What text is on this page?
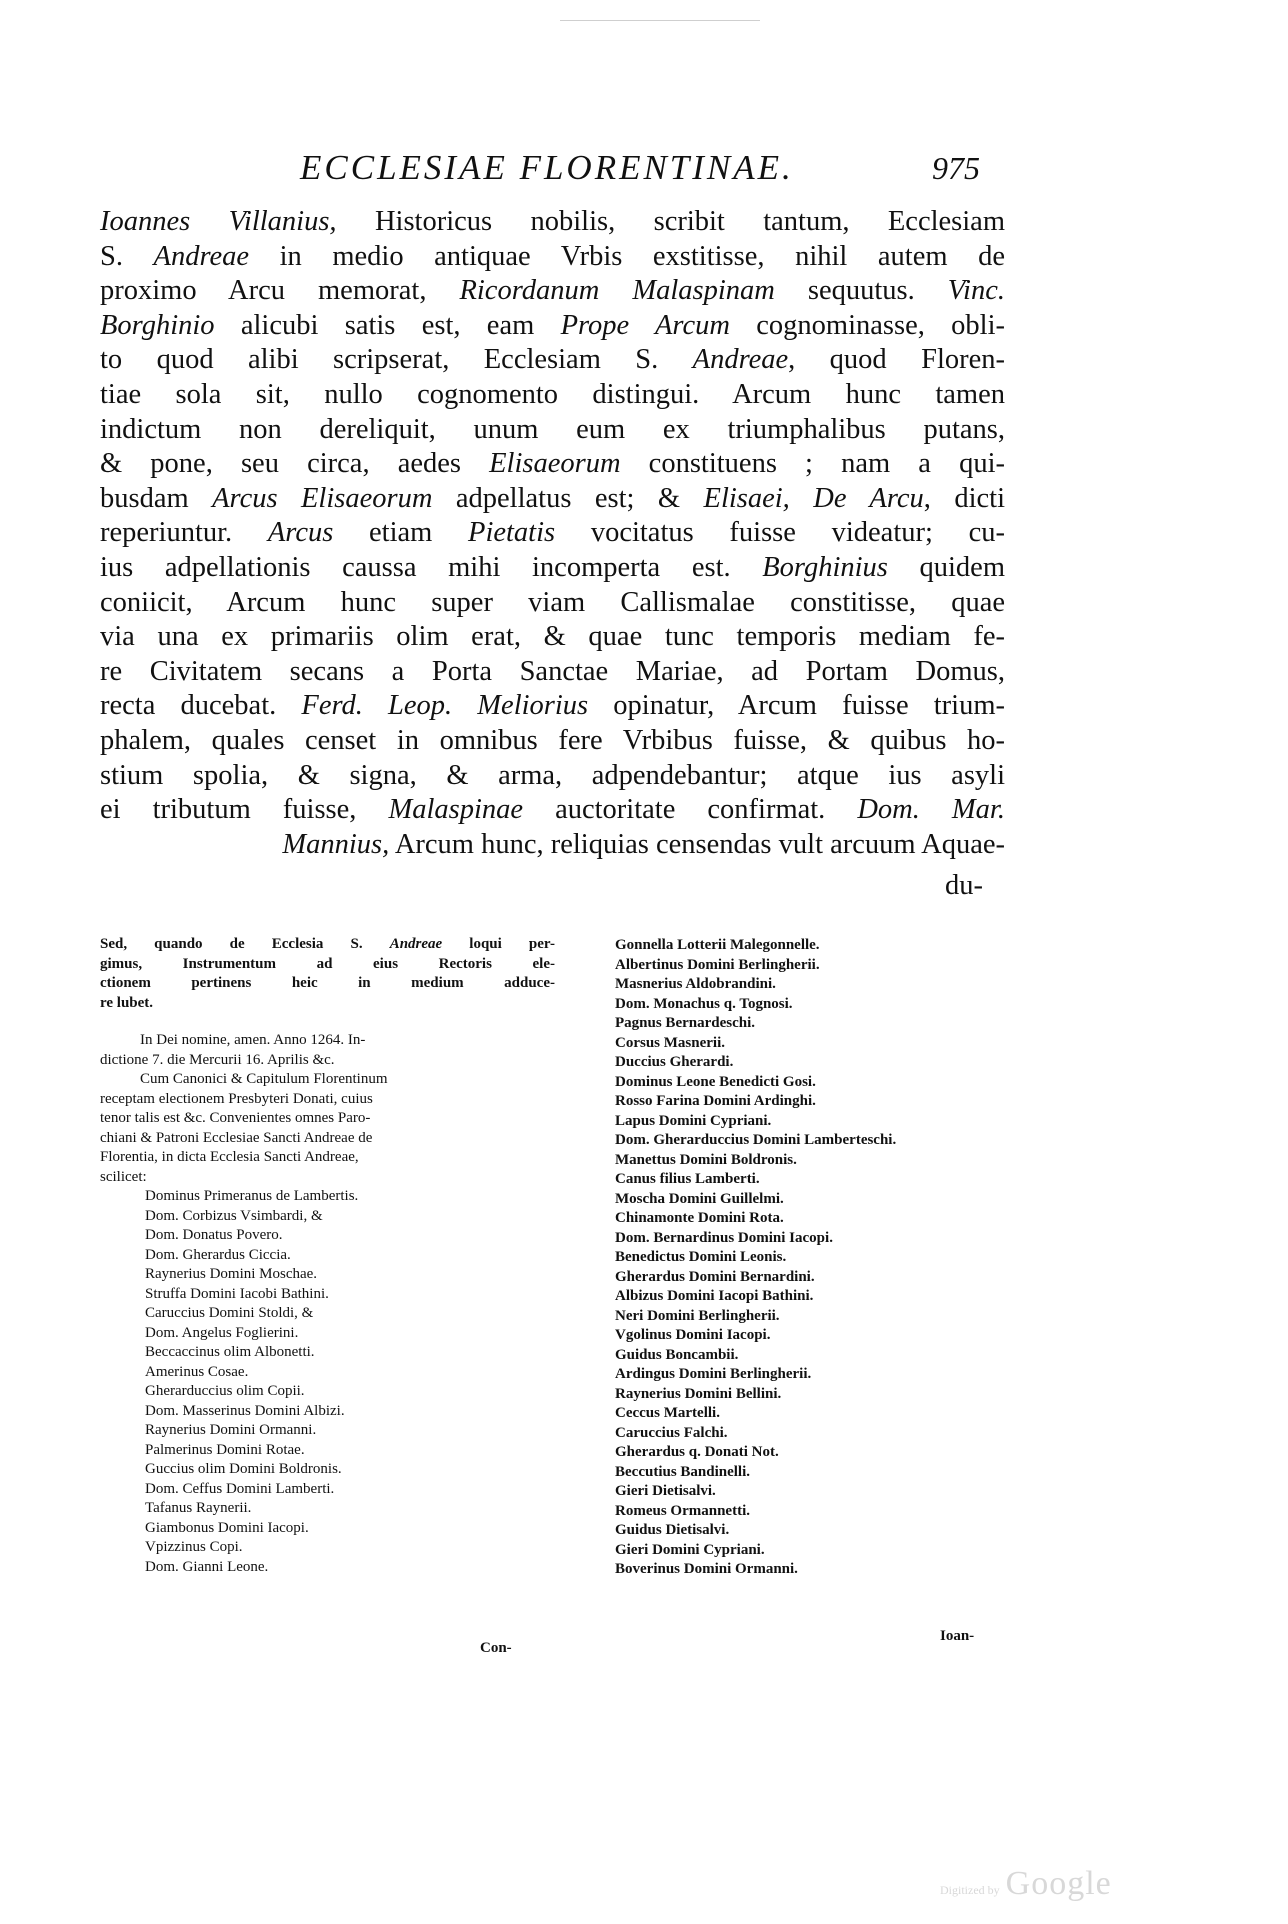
ECCLESIAE FLORENTINAE.	975
Ioannes Villanius, Historicus nobilis, scribit tantum, Ecclesiam
S. Andreae in medio antiquae Vrbis exstitisse, nihil autem de
proximo Arcu memorat, Ricordanum Malaspinam sequutus. Vinc.
Borghinio alicubi satis est, eam Prope Arcum cognominasse, obli-
to quod alibi scripserat, Ecclesiam S. Andreae, quod Floren-
tiae sola sit, nullo cognomento distingui. Arcum hunc tamen
indictum non dereliquit, unum eum ex triumphalibus putans,
& pone, seu circa, aedes Elisaeorum constituens ; nam a qui-
busdam Arcus Elisaeorum adpellatus est; & Elisaei, De Arcu, dicti
reperiuntur. Arcus etiam Pietatis vocitatus fuisse videatur; cu-
ius adpellationis caussa mihi incomperta est. Borghinius quidem
coniicit, Arcum hunc super viam Callismalae constitisse, quae
via una ex primariis olim erat, & quae tunc temporis mediam fe-
re Civitatem secans a Porta Sanctae Mariae, ad Portam Domus,
recta ducebat. Ferd. Leop. Meliorius opinatur, Arcum fuisse trium-
phalem, quales censet in omnibus fere Vrbibus fuisse, & quibus ho-
stium spolia, & signa, & arma, adpendebantur; atque ius asyli
ei tributum fuisse, Malaspinae auctoritate confirmat. Dom. Mar.
Mannius, Arcum hunc, reliquias censendas vult arcuum Aquae-
du-
Sed, quando de Ecclesia S. Andreae loqui per-
gimus, Instrumentum ad eius Rectoris ele-
ctionem pertinens heic in medium adduce-
re lubet.
In Dei nomine, amen. Anno 1264. In-
dictione 7. die Mercurii 16. Aprilis &c.
Cum Canonici & Capitulum Florentinum
receptam electionem Presbyteri Donati, cuius
tenor talis est &c. Convenientes omnes Paro-
chiani & Patroni Ecclesiae Sancti Andreae de
Florentia, in dicta Ecclesia Sancti Andreae,
scilicet:
Dominus Primeranus de Lambertis.
Dom. Corbizus Vsimbardi, &
Dom. Donatus Povero.
Dom. Gherardus Ciccia.
Raynerius Domini Moschae.
Struffa Domini Iacobi Bathini.
Caruccius Domini Stoldi, &
Dom. Angelus Foglierini.
Beccaccinus olim Albonetti.
Amerinus Cosae.
Gherarduccius olim Copii.
Dom. Masserinus Domini Albizi.
Raynerius Domini Ormanni.
Palmerinus Domini Rotae.
Guccius olim Domini Boldronis.
Dom. Ceffus Domini Lamberti.
Tafanus Raynerii.
Giambonus Domini Iacopi.
Vpizzinus Copi.
Dom. Gianni Leone.
Gonnella Lotterii Malegonnelle.
Albertinus Domini Berlingherii.
Masnerius Aldobrandini.
Dom. Monachus q. Tognosi.
Pagnus Bernardeschi.
Corsus Masnerii.
Duccius Gherardi.
Dominus Leone Benedicti Gosi.
Rosso Farina Domini Ardinghi.
Lapus Domini Cypriani.
Dom. Gherarduccius Domini Lamberteschi.
Manettus Domini Boldronis.
Canus filius Lamberti.
Moscha Domini Guillelmi.
Chinamonte Domini Rota.
Dom. Bernardinus Domini Iacopi.
Benedictus Domini Leonis.
Gherardus Domini Bernardini.
Albizus Domini Iacopi Bathini.
Neri Domini Berlingherii.
Vgolinus Domini Iacopi.
Guidus Boncambii.
Ardingus Domini Berlingherii.
Raynerius Domini Bellini.
Ceccus Martelli.
Caruccius Falchi.
Gherardus q. Donati Not.
Beccutius Bandinelli.
Gieri Dietisalvi.
Romeus Ormannetti.
Guidus Dietisalvi.
Gieri Domini Cypriani.
Boverinus Domini Ormanni.
Con-
Ioan-
Digitized by Google
